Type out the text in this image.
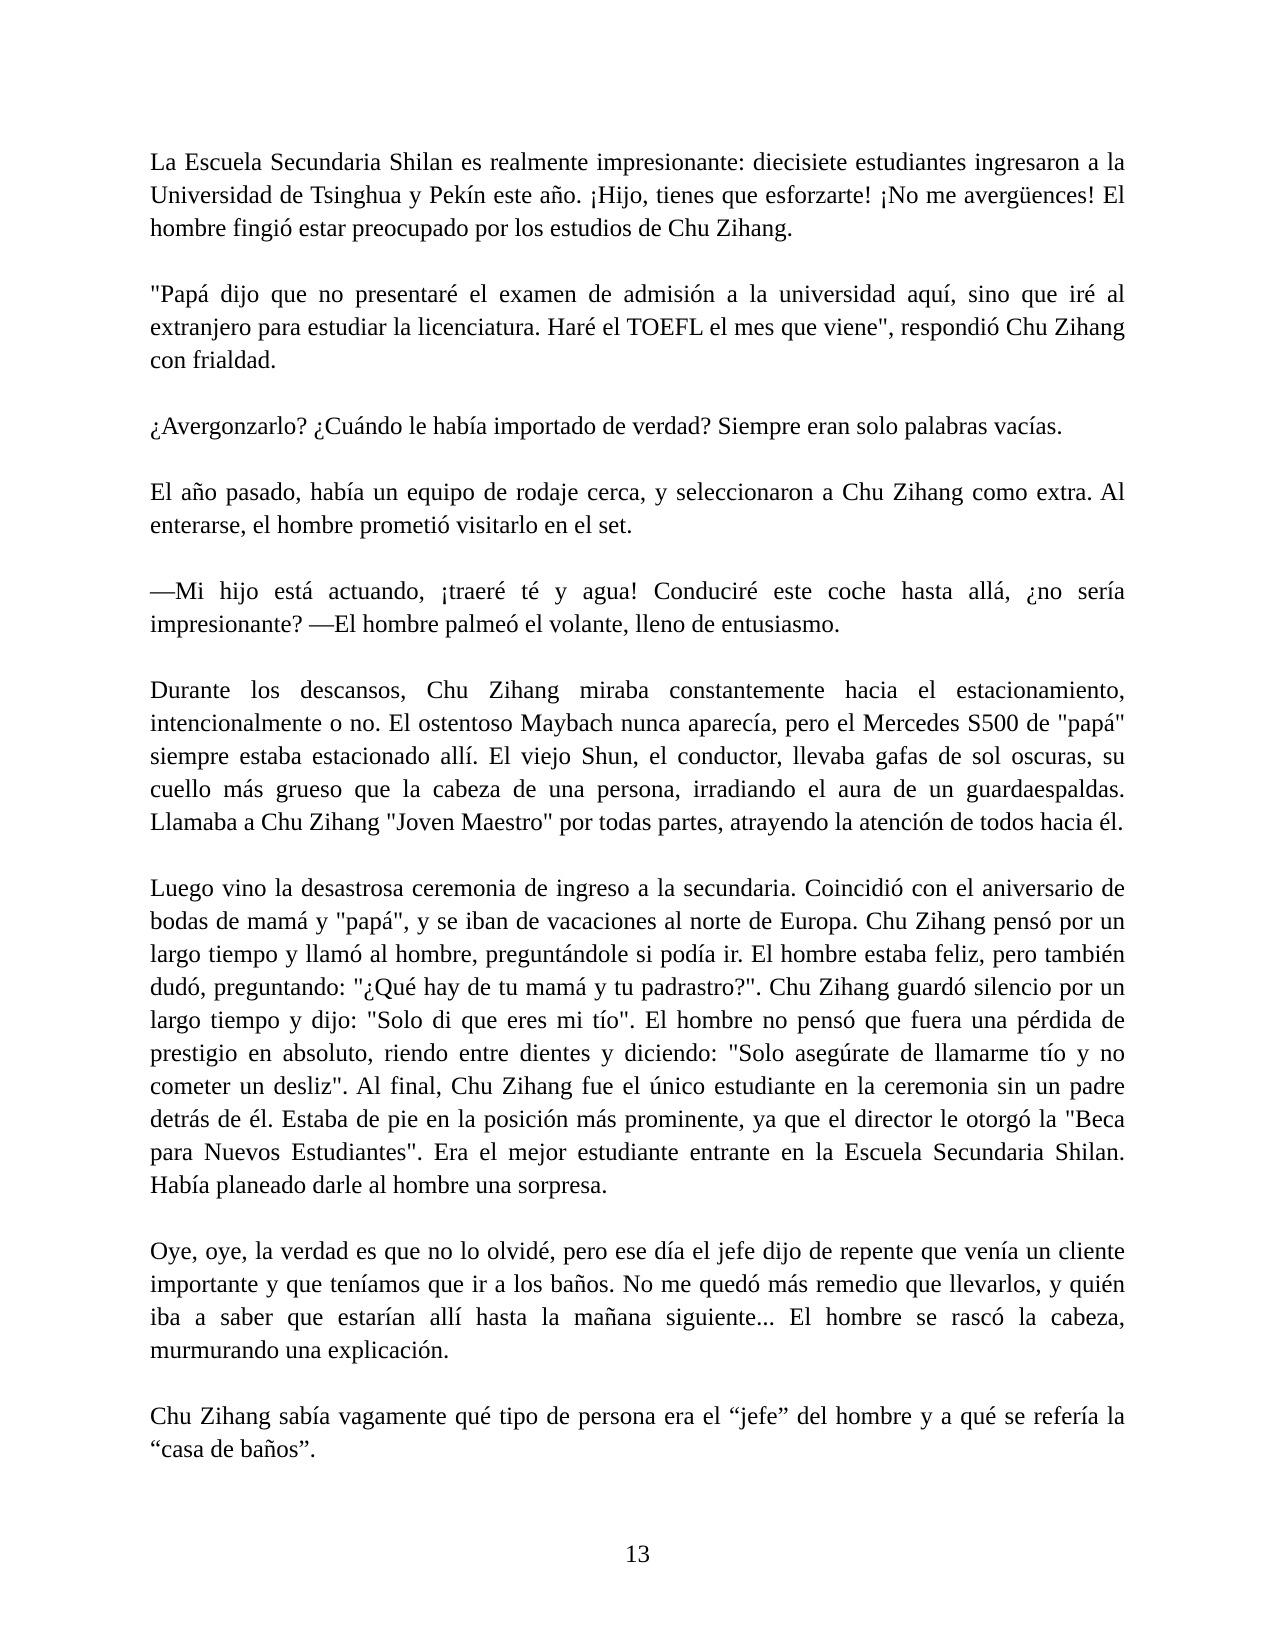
La Escuela Secundaria Shilan es realmente impresionante: diecisiete estudiantes ingresaron a la Universidad de Tsinghua y Pekín este año. ¡Hijo, tienes que esforzarte! ¡No me avergüences! El hombre fingió estar preocupado por los estudios de Chu Zihang.

"Papá dijo que no presentaré el examen de admisión a la universidad aquí, sino que iré al extranjero para estudiar la licenciatura. Haré el TOEFL el mes que viene", respondió Chu Zihang con frialdad.

¿Avergonzarlo? ¿Cuándo le había importado de verdad? Siempre eran solo palabras vacías.

El año pasado, había un equipo de rodaje cerca, y seleccionaron a Chu Zihang como extra. Al enterarse, el hombre prometió visitarlo en el set.

—Mi hijo está actuando, ¡traeré té y agua! Conduciré este coche hasta allá, ¿no sería impresionante? —El hombre palmeó el volante, lleno de entusiasmo.

Durante los descansos, Chu Zihang miraba constantemente hacia el estacionamiento, intencionalmente o no. El ostentoso Maybach nunca aparecía, pero el Mercedes S500 de "papá" siempre estaba estacionado allí. El viejo Shun, el conductor, llevaba gafas de sol oscuras, su cuello más grueso que la cabeza de una persona, irradiando el aura de un guardaespaldas. Llamaba a Chu Zihang "Joven Maestro" por todas partes, atrayendo la atención de todos hacia él.

Luego vino la desastrosa ceremonia de ingreso a la secundaria. Coincidió con el aniversario de bodas de mamá y "papá", y se iban de vacaciones al norte de Europa. Chu Zihang pensó por un largo tiempo y llamó al hombre, preguntándole si podía ir. El hombre estaba feliz, pero también dudó, preguntando: "¿Qué hay de tu mamá y tu padrastro?". Chu Zihang guardó silencio por un largo tiempo y dijo: "Solo di que eres mi tío". El hombre no pensó que fuera una pérdida de prestigio en absoluto, riendo entre dientes y diciendo: "Solo asegúrate de llamarme tío y no cometer un desliz". Al final, Chu Zihang fue el único estudiante en la ceremonia sin un padre detrás de él. Estaba de pie en la posición más prominente, ya que el director le otorgó la "Beca para Nuevos Estudiantes". Era el mejor estudiante entrante en la Escuela Secundaria Shilan. Había planeado darle al hombre una sorpresa.

Oye, oye, la verdad es que no lo olvidé, pero ese día el jefe dijo de repente que venía un cliente importante y que teníamos que ir a los baños. No me quedó más remedio que llevarlos, y quién iba a saber que estarían allí hasta la mañana siguiente... El hombre se rascó la cabeza, murmurando una explicación.

Chu Zihang sabía vagamente qué tipo de persona era el “jefe” del hombre y a qué se refería la “casa de baños”.

13
